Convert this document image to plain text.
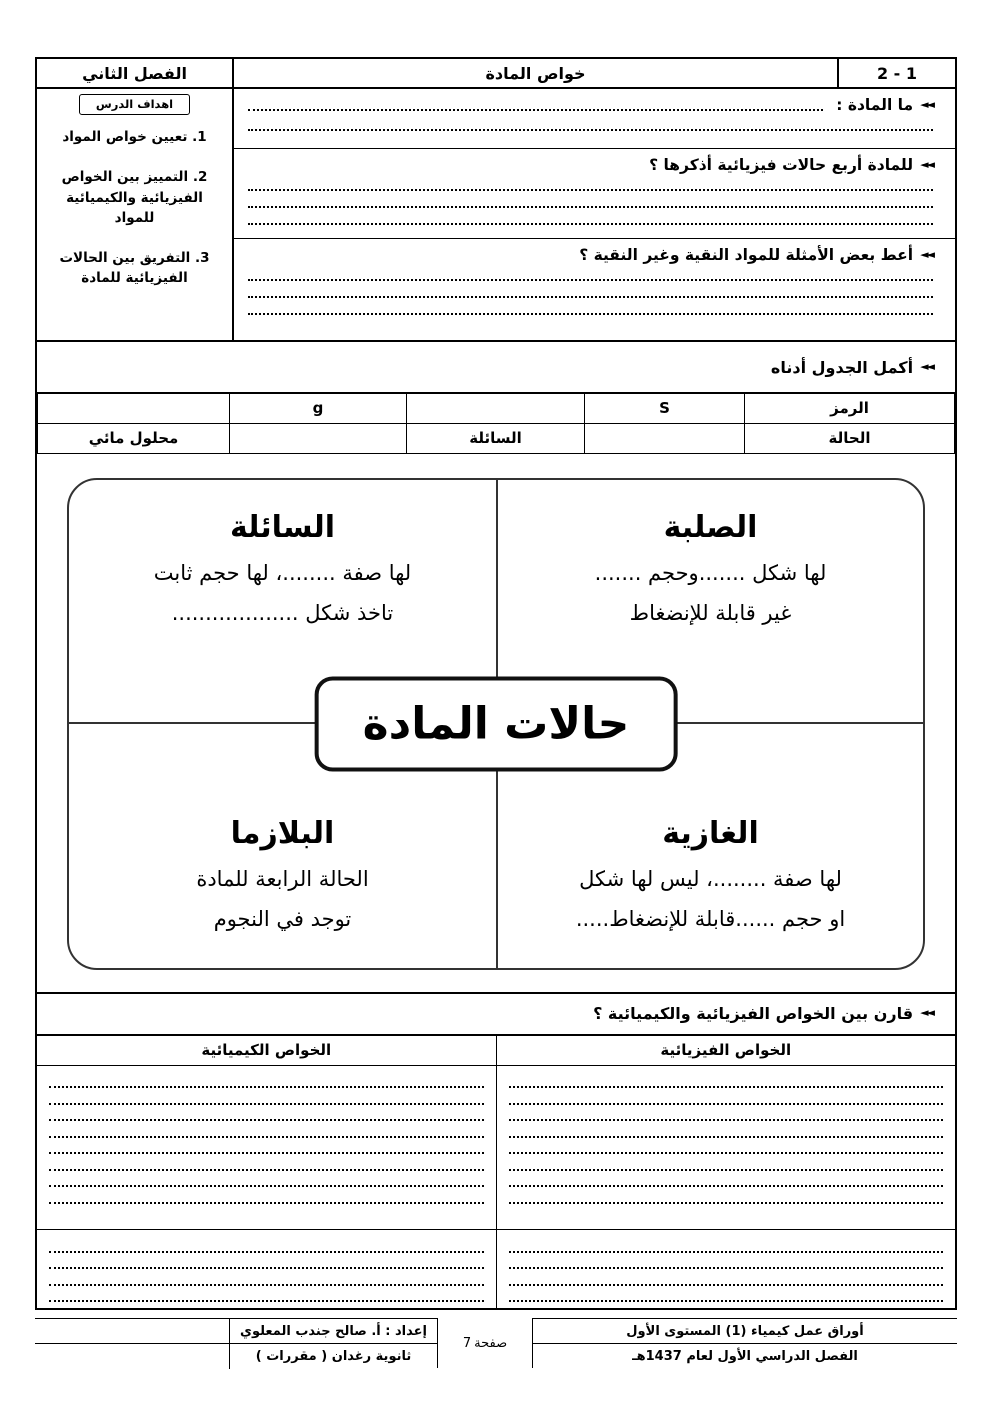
2 - 1
خواص المادة
الفصل الثاني
◄◄
ما المادة :
◄◄
للمادة أربع حالات فيزيائية أذكرها ؟
◄◄
أعط بعض الأمثلة للمواد النقية وغير النقية ؟
اهداف الدرس
1. تعيين خواص المواد
2. التمييز بين الخواص الفيزيائية والكيميائية للمواد
3. التفريق بين الحالات الفيزيائية للمادة
◄◄
أكمل الجدول أدناه
الرمز	S		g	
الحالة		السائلة		محلول مائي
الصلبة
لها شكل .......وحجم .......
غير قابلة للإنضغاط
السائلة
لها صفة ........، لها حجم ثابت
تاخذ شكل ...................
الغازية
لها صفة ........، ليس لها شكل
او حجم ......قابلة للإنضغاط.....
البلازما
الحالة الرابعة للمادة
توجد في النجوم
حالات المادة
◄◄
قارن بين الخواص الفيزيائية والكيميائية ؟
الخواص الفيزيائية
الخواص الكيميائية
أوراق عمل كيمياء (1) المستوى الأول
الفصل الدراسي الأول لعام 1437هـ
صفحة
7
إعداد : أ. صالح جندب المعلوي
ثانوية رغدان ( مقررات )
